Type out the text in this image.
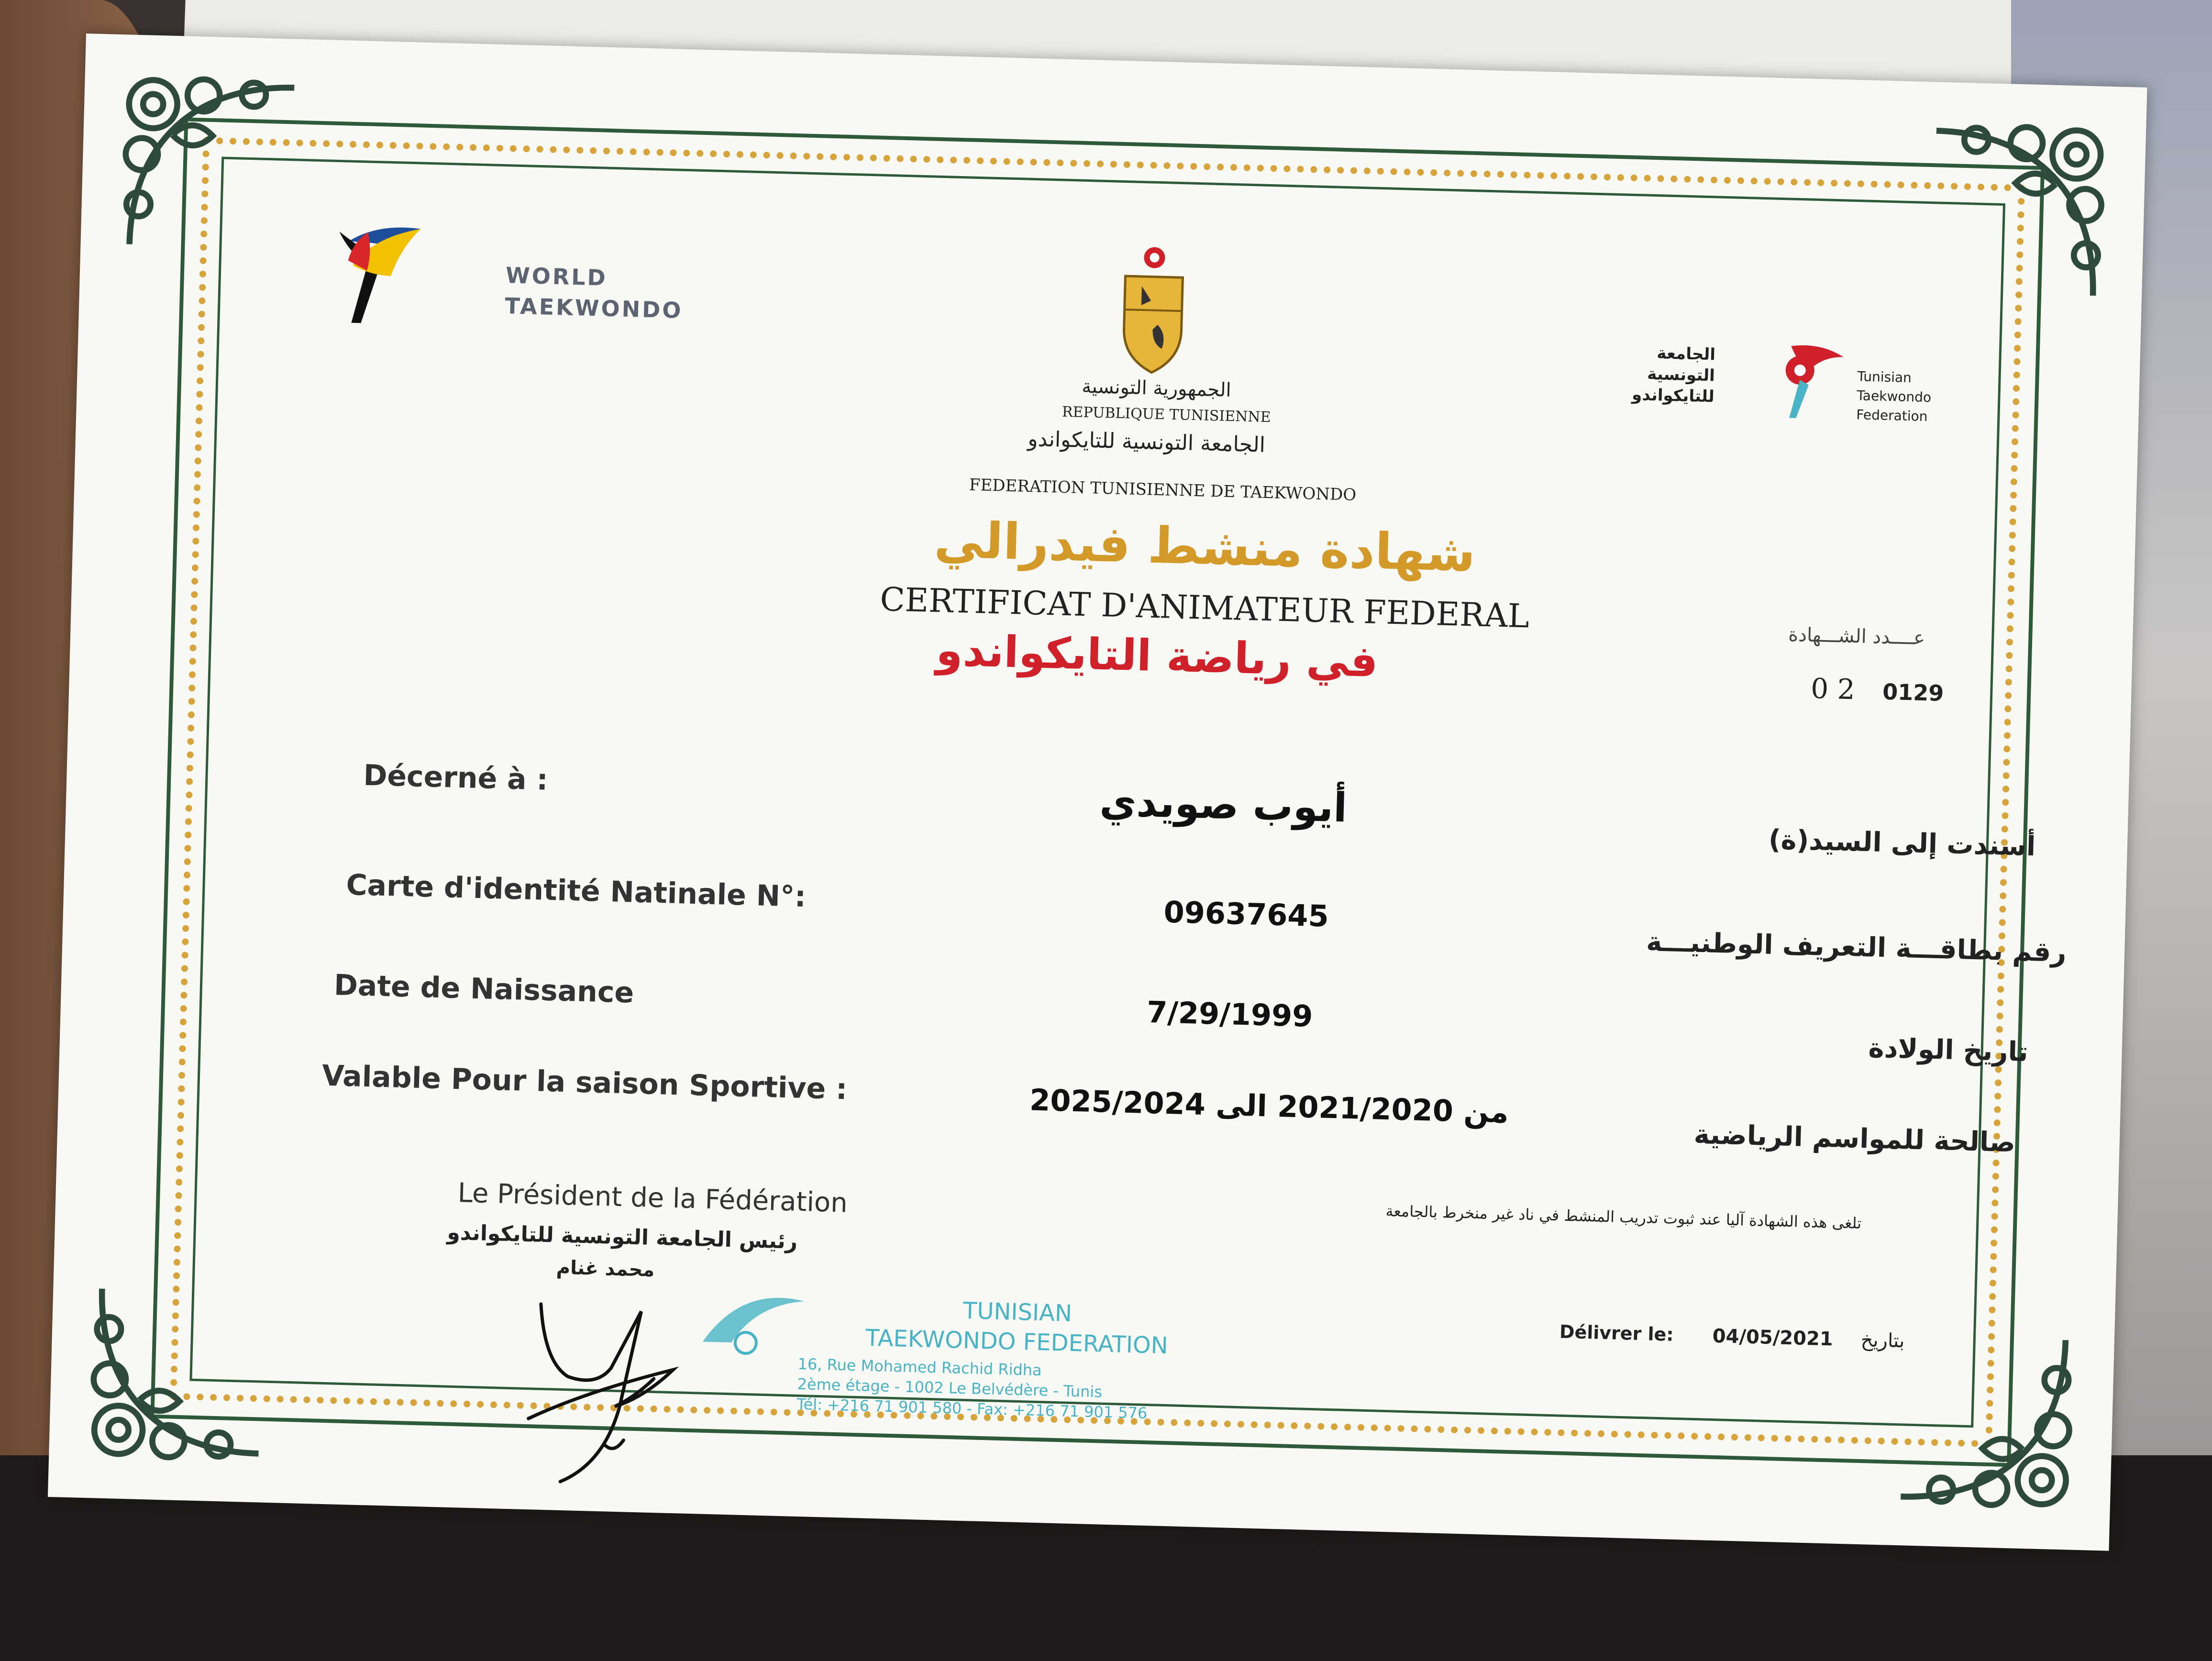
WORLD
TAEKWONDO
الجمهورية التونسية
REPUBLIQUE TUNISIENNE
الجامعة التونسية للتايكواندو
FEDERATION TUNISIENNE DE TAEKWONDO
شهادة منشط فيدرالي
CERTIFICAT D'ANIMATEUR FEDERAL
في رياضة التايكواندو
الجامعة
التونسية
للتايكواندو
Tunisian
Taekwondo
Federation
عــــدد الشـــهادة
0 2 0129
Décerné à :
أيوب صويدي
أسندت إلى السيد(ة)
Carte d'identité Natinale N°:
09637645
رقم بطاقـــة التعريف الوطنيـــة
Date de Naissance
7/29/1999
تاريخ الولادة
Valable Pour la saison Sportive :	من 2021/2020 الى 2025/2024
صالحة للمواسم الرياضية
Le Président de la Fédération
رئيس الجامعة التونسية للتايكواندو
محمد غنام
تلغى هذه الشهادة آليا عند ثبوت تدريب المنشط في ناد غير منخرط بالجامعة
TUNISIAN
TAEKWONDO FEDERATION
16, Rue Mohamed Rachid Ridha
2ème étage - 1002 Le Belvédère - Tunis
Tél: +216 71 901 580 - Fax: +216 71 901 576
Délivrer le: 04/05/2021 بتاريخ
